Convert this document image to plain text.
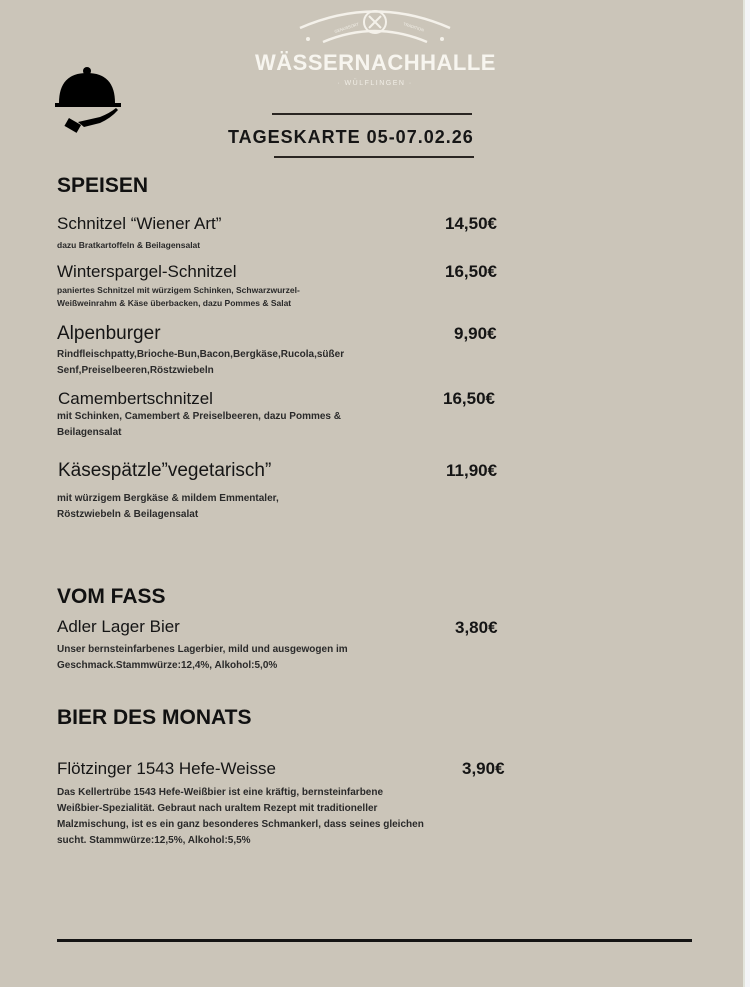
GENUSSORT	TRADITION
WÄSSERNACHHALLE
· WÜLFLINGEN ·
TAGESKARTE 05-07.02.26
SPEISEN
Schnitzel “Wiener Art”	14,50€
dazu Bratkartoffeln & Beilagensalat
Winterspargel-Schnitzel	16,50€
paniertes Schnitzel mit würzigem Schinken, Schwarzwurzel-
Weißweinrahm & Käse überbacken, dazu Pommes & Salat
Alpenburger	9,90€
Rindfleischpatty,Brioche-Bun,Bacon,Bergkäse,Rucola,süßer
Senf,Preiselbeeren,Röstzwiebeln
Camembertschnitzel	16,50€
mit Schinken, Camembert & Preiselbeeren, dazu Pommes &
Beilagensalat
Käsespätzle”vegetarisch”	11,90€
mit würzigem Bergkäse & mildem Emmentaler,
Röstzwiebeln & Beilagensalat
VOM FASS
Adler Lager Bier	3,80€
Unser bernsteinfarbenes Lagerbier, mild und ausgewogen im
Geschmack.Stammwürze:12,4%, Alkohol:5,0%
BIER DES MONATS
Flötzinger 1543 Hefe-Weisse	3,90€
Das Kellertrübe 1543 Hefe-Weißbier ist eine kräftig, bernsteinfarbene
Weißbier-Spezialität. Gebraut nach uraltem Rezept mit traditioneller
Malzmischung, ist es ein ganz besonderes Schmankerl, dass seines gleichen
sucht. Stammwürze:12,5%, Alkohol:5,5%
